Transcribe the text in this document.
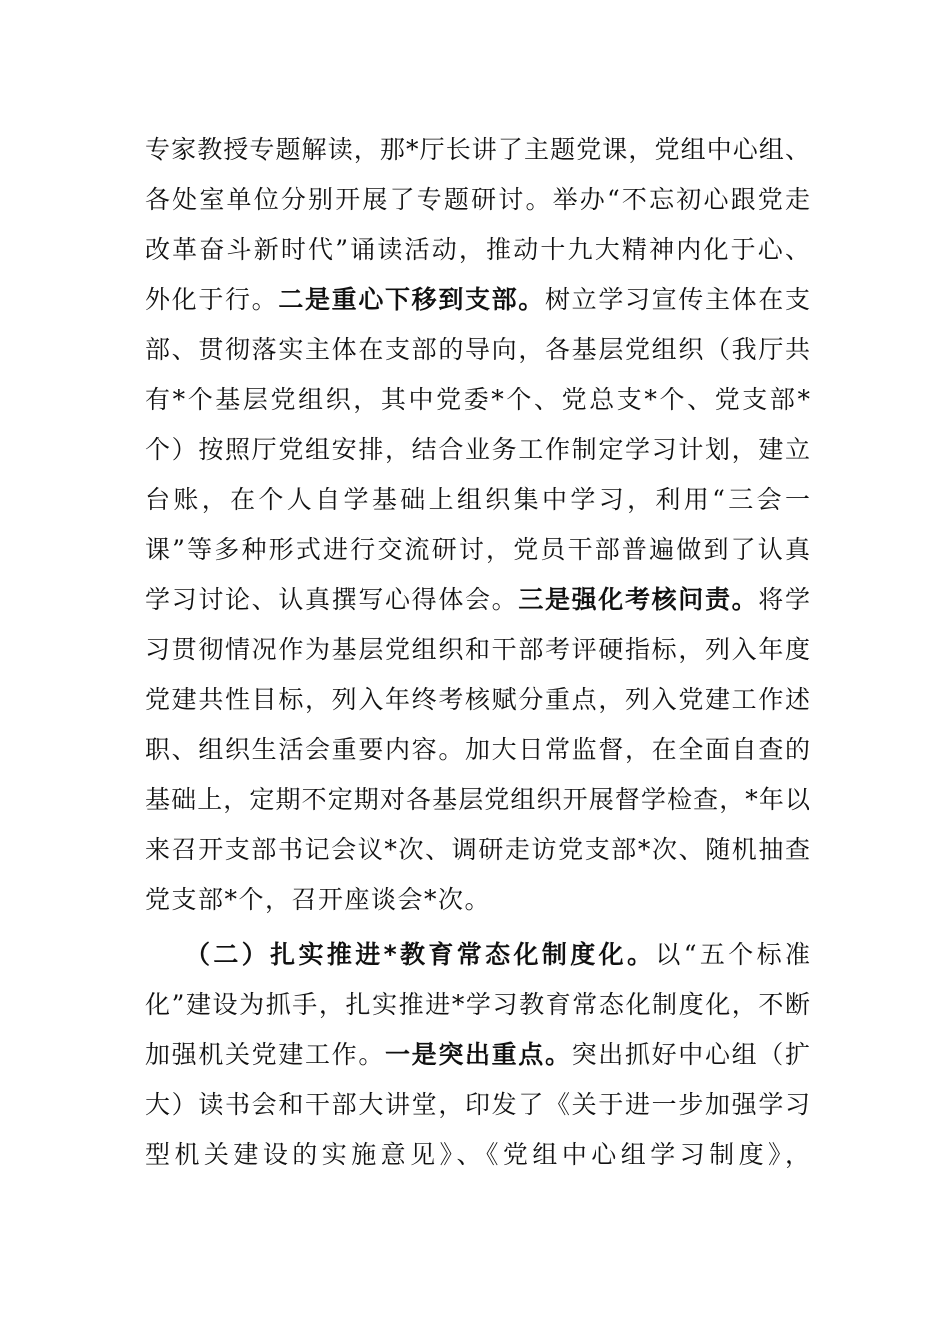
专家教授专题解读，那*厅长讲了主题党课，党组中心组、
各处室单位分别开展了专题研讨。举办“不忘初心跟党走
改革奋斗新时代”诵读活动，推动十九大精神内化于心、
外化于行。二是重心下移到支部。树立学习宣传主体在支
部、贯彻落实主体在支部的导向，各基层党组织（我厅共
有*个基层党组织，其中党委*个、党总支*个、党支部*
个）按照厅党组安排，结合业务工作制定学习计划，建立
台账，在个人自学基础上组织集中学习，利用“三会一
课”等多种形式进行交流研讨，党员干部普遍做到了认真
学习讨论、认真撰写心得体会。三是强化考核问责。将学
习贯彻情况作为基层党组织和干部考评硬指标，列入年度
党建共性目标，列入年终考核赋分重点，列入党建工作述
职、组织生活会重要内容。加大日常监督，在全面自查的
基础上，定期不定期对各基层党组织开展督学检查，*年以
来召开支部书记会议*次、调研走访党支部*次、随机抽查
党支部*个，召开座谈会*次。
（二）扎实推进*教育常态化制度化。以“五个标准
化”建设为抓手，扎实推进*学习教育常态化制度化，不断
加强机关党建工作。一是突出重点。突出抓好中心组（扩
大）读书会和干部大讲堂，印发了《关于进一步加强学习
型机关建设的实施意见》、《党组中心组学习制度》，
